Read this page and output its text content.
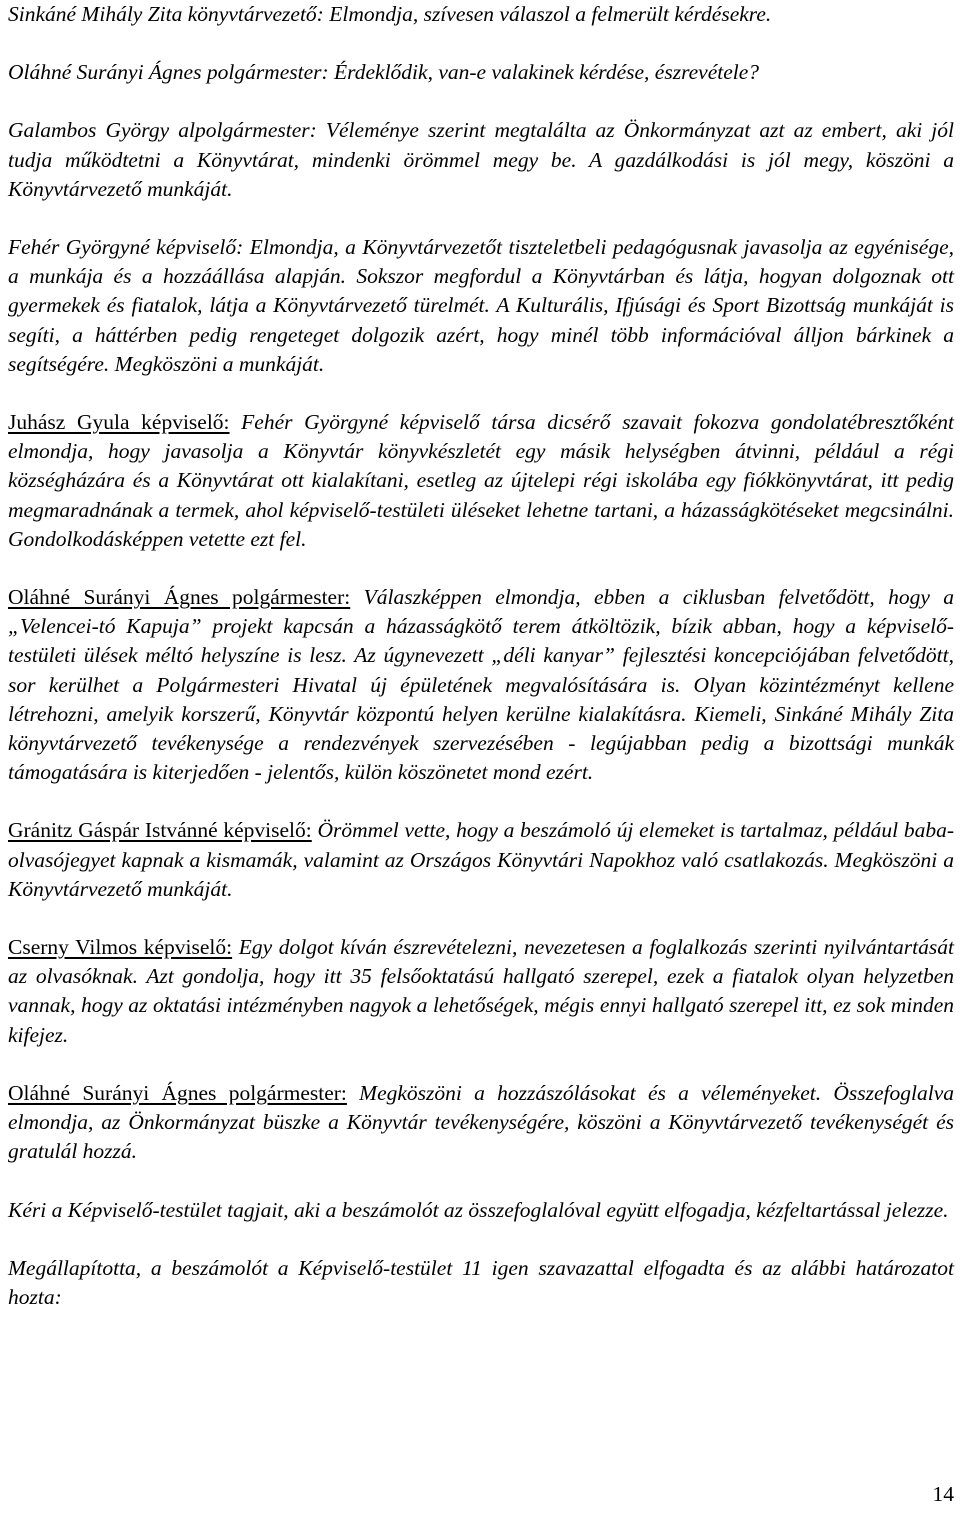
Sinkáné Mihály Zita könyvtárvezető: Elmondja, szívesen válaszol a felmerült kérdésekre.

Oláhné Surányi Ágnes polgármester: Érdeklődik, van-e valakinek kérdése, észrevétele?

Galambos György alpolgármester: Véleménye szerint megtalálta az Önkormányzat azt az embert, aki jól tudja működtetni a Könyvtárat, mindenki örömmel megy be. A gazdálkodási is jól megy, köszöni a Könyvtárvezető munkáját.

Fehér Györgyné képviselő: Elmondja, a Könyvtárvezetőt tiszteletbeli pedagógusnak javasolja az egyénisége, a munkája és a hozzáállása alapján. Sokszor megfordul a Könyvtárban és látja, hogyan dolgoznak ott gyermekek és fiatalok, látja a Könyvtárvezető türelmét. A Kulturális, Ifjúsági és Sport Bizottság munkáját is segíti, a háttérben pedig rengeteget dolgozik azért, hogy minél több információval álljon bárkinek a segítségére. Megköszöni a munkáját.

Juhász Gyula képviselő: Fehér Györgyné képviselő társa dicsérő szavait fokozva gondolatébresztőként elmondja, hogy javasolja a Könyvtár könyvkészletét egy másik helységben átvinni, például a régi községházára és a Könyvtárat ott kialakítani, esetleg az újtelepi régi iskolába egy fiókkönyvtárat, itt pedig megmaradnának a termek, ahol képviselő-testületi üléseket lehetne tartani, a házasságkötéseket megcsinálni. Gondolkodásképpen vetette ezt fel.

Oláhné Surányi Ágnes polgármester: Válaszképpen elmondja, ebben a ciklusban felvetődött, hogy a „Velencei-tó Kapuja” projekt kapcsán a házasságkötő terem átköltözik, bízik abban, hogy a képviselő-testületi ülések méltó helyszíne is lesz. Az úgynevezett „déli kanyar” fejlesztési koncepciójában felvetődött, sor kerülhet a Polgármesteri Hivatal új épületének megvalósítására is. Olyan közintézményt kellene létrehozni, amelyik korszerű, Könyvtár központú helyen kerülne kialakításra. Kiemeli, Sinkáné Mihály Zita könyvtárvezető tevékenysége a rendezvények szervezésében - legújabban pedig a bizottsági munkák támogatására is kiterjedően - jelentős, külön köszönetet mond ezért.

Gránitz Gáspár Istvánné képviselő: Örömmel vette, hogy a beszámoló új elemeket is tartalmaz, például baba-olvasójegyet kapnak a kismamák, valamint az Országos Könyvtári Napokhoz való csatlakozás. Megköszöni a Könyvtárvezető munkáját.

Cserny Vilmos képviselő: Egy dolgot kíván észrevételezni, nevezetesen a foglalkozás szerinti nyilvántartását az olvasóknak. Azt gondolja, hogy itt 35 felsőoktatású hallgató szerepel, ezek a fiatalok olyan helyzetben vannak, hogy az oktatási intézményben nagyok a lehetőségek, mégis ennyi hallgató szerepel itt, ez sok minden kifejez.

Oláhné Surányi Ágnes polgármester: Megköszöni a hozzászólásokat és a véleményeket. Összefoglalva elmondja, az Önkormányzat büszke a Könyvtár tevékenységére, köszöni a Könyvtárvezető tevékenységét és gratulál hozzá.

Kéri a Képviselő-testület tagjait, aki a beszámolót az összefoglalóval együtt elfogadja, kézfeltartással jelezze.

Megállapította, a beszámolót a Képviselő-testület 11 igen szavazattal elfogadta és az alábbi határozatot hozta:

14
